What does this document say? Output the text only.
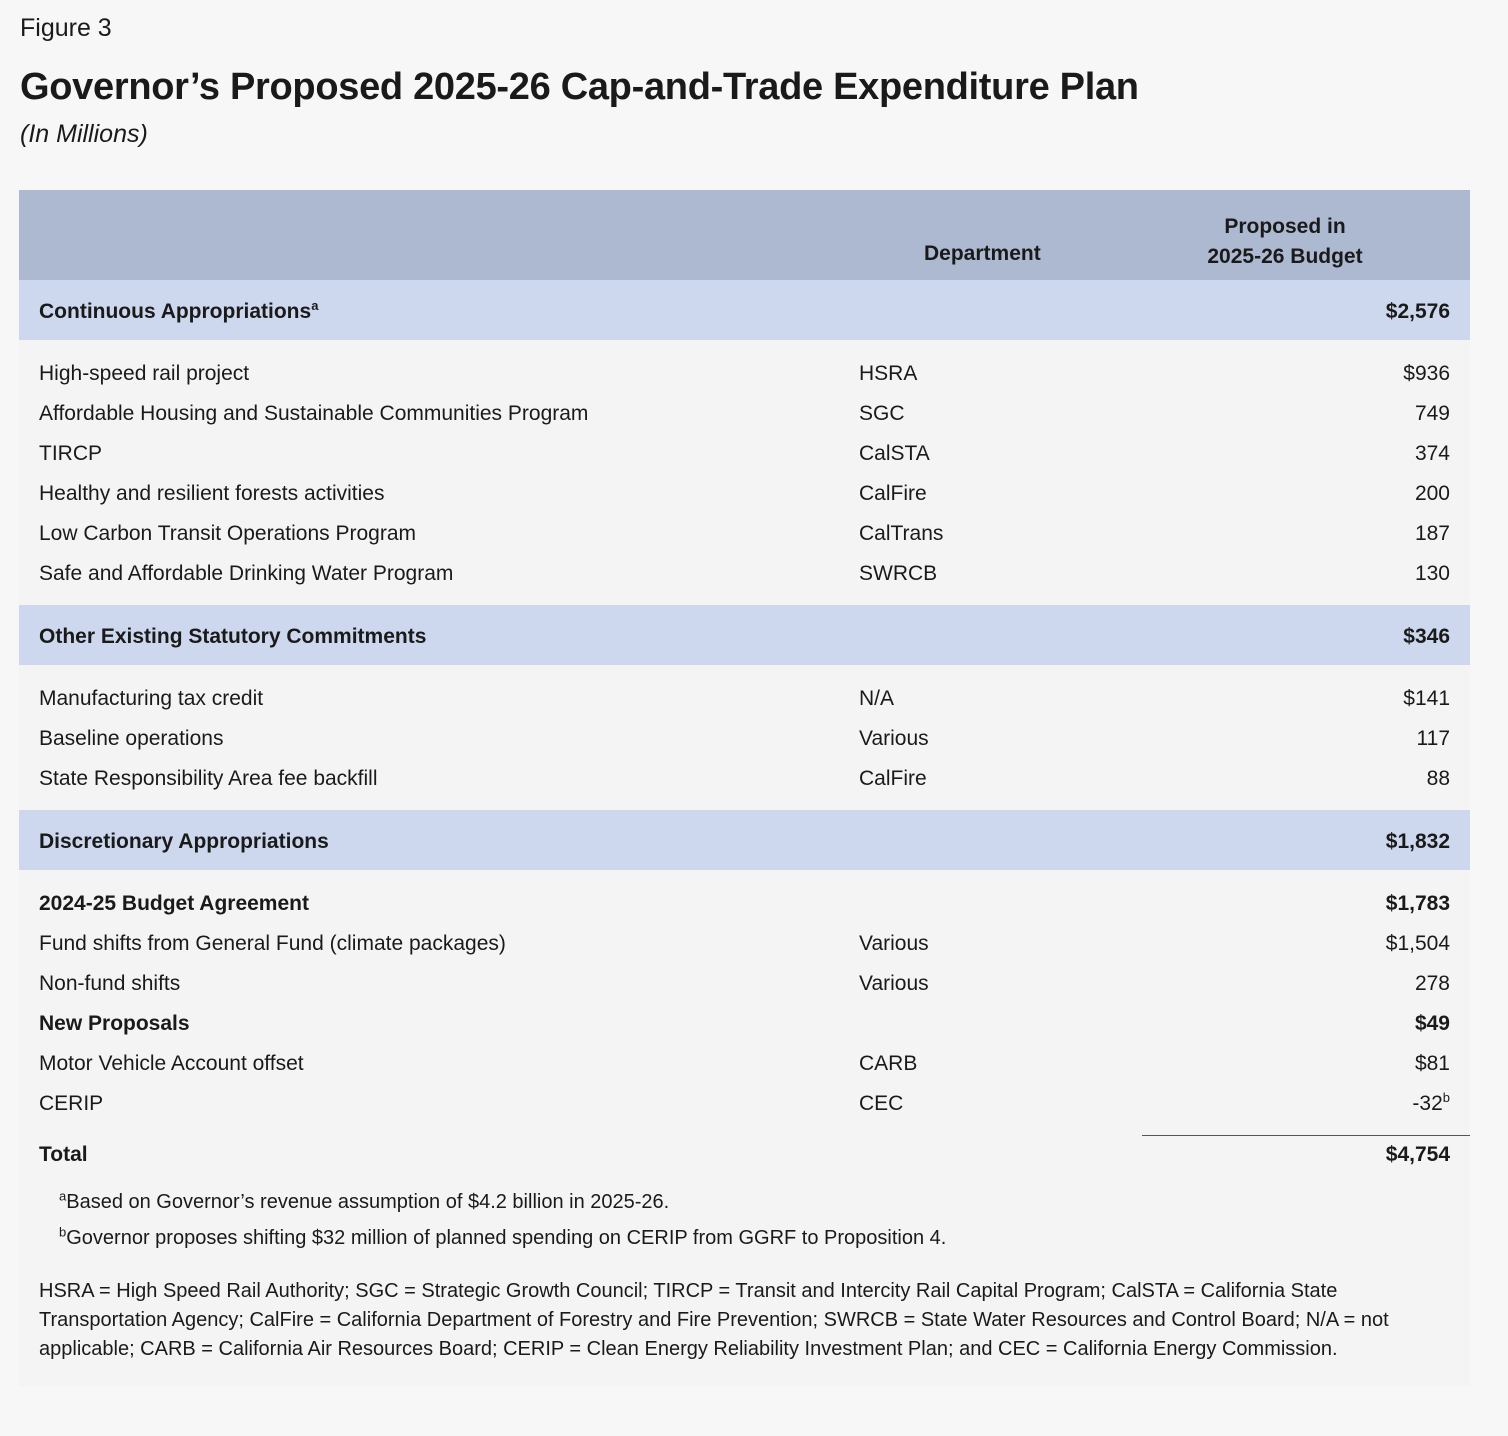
Figure 3
Governor’s Proposed 2025-26 Cap-and-Trade Expenditure Plan
(In Millions)
Department
Proposed in
2025-26 Budget
Continuous Appropriations$^a$	$2,576
High-speed rail project	HSRA	$936
Affordable Housing and Sustainable Communities Program	SGC	749
TIRCP	CalSTA	374
Healthy and resilient forests activities	CalFire	200
Low Carbon Transit Operations Program	CalTrans	187
Safe and Affordable Drinking Water Program	SWRCB	130
Other Existing Statutory Commitments	$346
Manufacturing tax credit	N/A	$141
Baseline operations	Various	117
State Responsibility Area fee backfill	CalFire	88
Discretionary Appropriations	$1,832
2024-25 Budget Agreement	$1,783
Fund shifts from General Fund (climate packages)	Various	$1,504
Non-fund shifts	Various	278
New Proposals	$49
Motor Vehicle Account offset	CARB	$81
CERIP	CEC	-32$^b$
Total	$4,754
$^a$Based on Governor’s revenue assumption of $4.2 billion in 2025-26.
$^b$Governor proposes shifting $32 million of planned spending on CERIP from GGRF to Proposition 4.
HSRA = High Speed Rail Authority; SGC = Strategic Growth Council; TIRCP = Transit and Intercity Rail Capital Program; CalSTA = California State Transportation Agency; CalFire = California Department of Forestry and Fire Prevention; SWRCB = State Water Resources and Control Board; N/A = not applicable; CARB = California Air Resources Board; CERIP = Clean Energy Reliability Investment Plan; and CEC = California Energy Commission.
